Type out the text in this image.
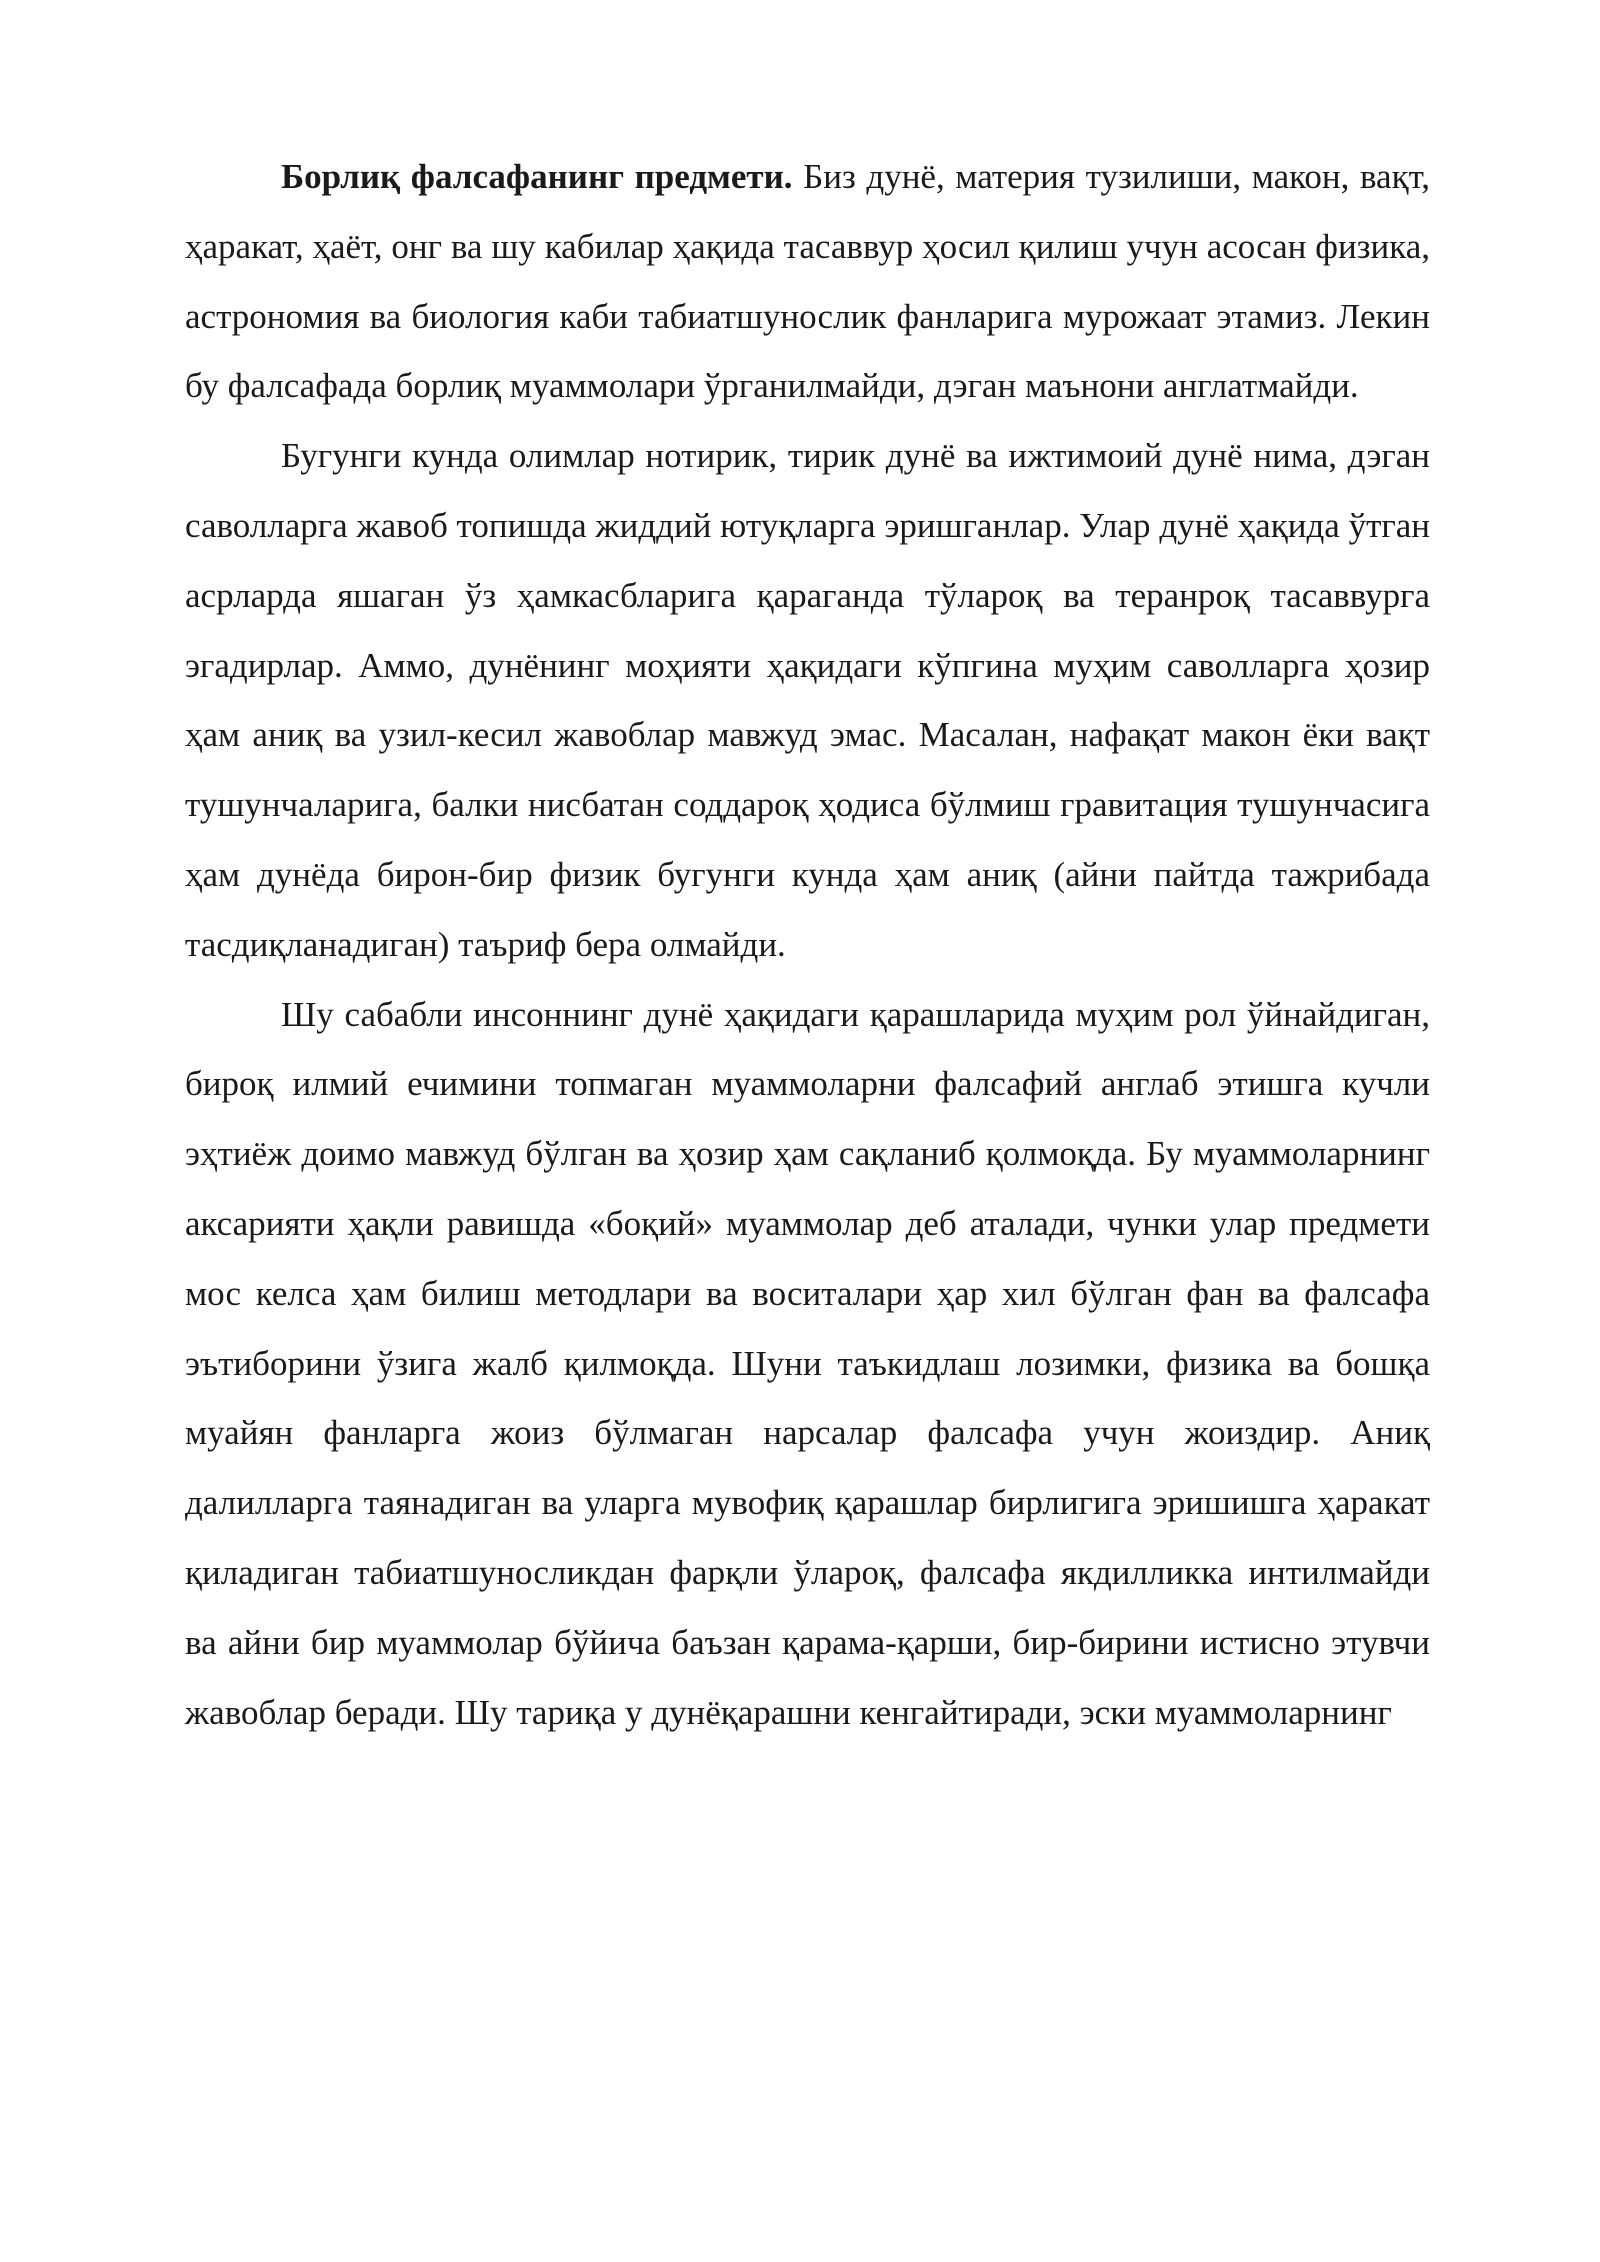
Борлиқ фалсафанинг предмети. Биз дунё, материя тузилиши, макон, вақт, ҳаракат, ҳаёт, онг ва шу кабилар ҳақида тасаввур ҳосил қилиш учун асосан физика, астрономия ва биология каби табиатшунослик фанларига мурожаат этамиз. Лекин бу фалсафада борлиқ муаммолари ўрганилмайди, дэган маънони англатмайди.

Бугунги кунда олимлар нотирик, тирик дунё ва ижтимоий дунё нима, дэган саволларга жавоб топишда жиддий ютуқларга эришганлар. Улар дунё ҳақида ўтган асрларда яшаган ўз ҳамкасбларига қараганда тўлароқ ва теранроқ тасаввурга эгадирлар. Аммо, дунёнинг моҳияти ҳақидаги кўпгина муҳим саволларга ҳозир ҳам аниқ ва узил-кесил жавоблар мавжуд эмас. Масалан, нафақат макон ёки вақт тушунчаларига, балки нисбатан соддароқ ҳодиса бўлмиш гравитация тушунчасига ҳам дунёда бирон-бир физик бугунги кунда ҳам аниқ (айни пайтда тажрибада тасдиқланадиган) таъриф бера олмайди.

Шу сабабли инсоннинг дунё ҳақидаги қарашларида муҳим рол ўйнайдиган, бироқ илмий ечимини топмаган муаммоларни фалсафий англаб этишга кучли эҳтиёж доимо мавжуд бўлган ва ҳозир ҳам сақланиб қолмоқда. Бу муаммоларнинг аксарияти ҳақли равишда «боқий» муаммолар деб аталади, чунки улар предмети мос келса ҳам билиш методлари ва воситалари ҳар хил бўлган фан ва фалсафа эътиборини ўзига жалб қилмоқда. Шуни таъкидлаш лозимки, физика ва бошқа муайян фанларга жоиз бўлмаган нарсалар фалсафа учун жоиздир. Аниқ далилларга таянадиган ва уларга мувофиқ қарашлар бирлигига эришишга ҳаракат қиладиган табиатшуносликдан фарқли ўлароқ, фалсафа якдилликка интилмайди ва айни бир муаммолар бўйича баъзан қарама-қарши, бир-бирини истисно этувчи жавоблар беради. Шу тариқа у дунёқарашни кенгайтиради, эски муаммоларнинг
